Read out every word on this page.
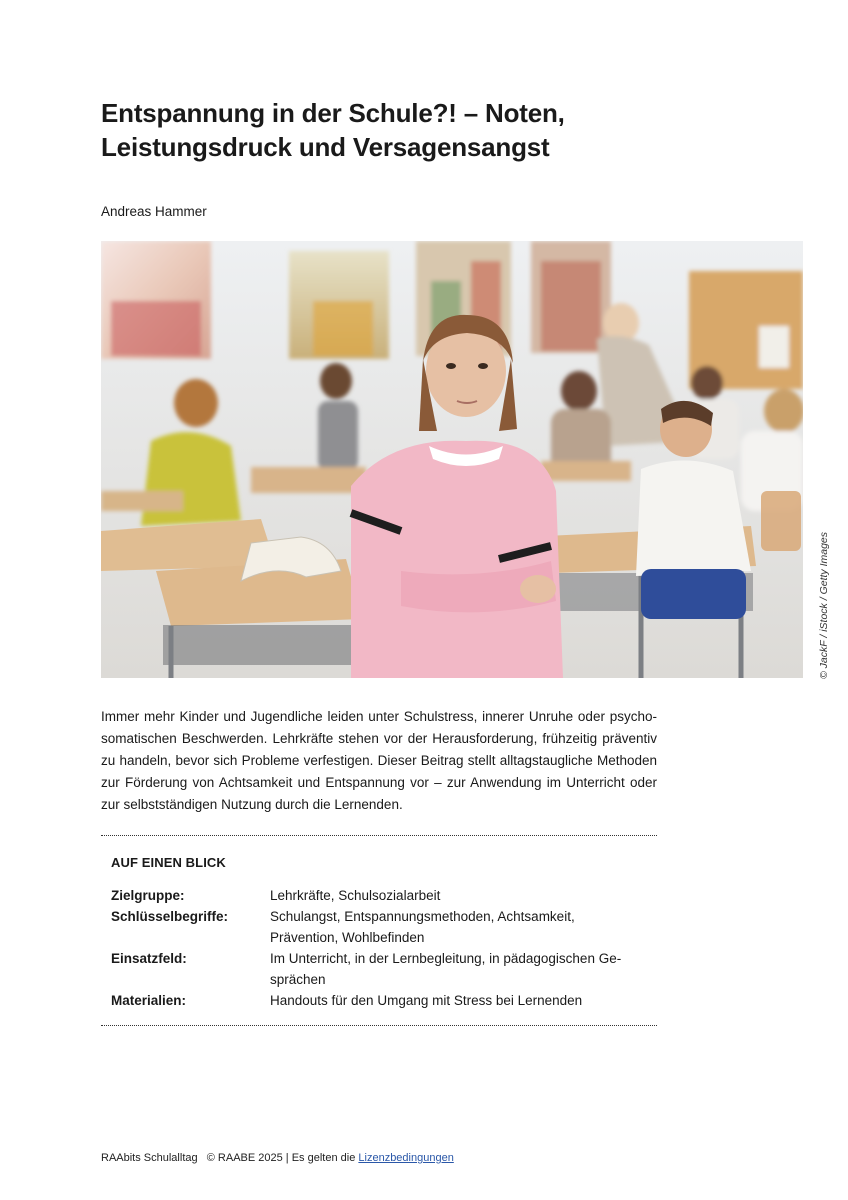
Entspannung in der Schule?! – Noten,
Leistungsdruck und Versagensangst
Andreas Hammer
© JackF / iStock / Getty Images

Immer mehr Kinder und Jugendliche leiden unter Schulstress, innerer Unruhe oder psychosomatischen Beschwerden. Lehrkräfte stehen vor der Herausforderung, frühzeitig präventiv zu handeln, bevor sich Probleme verfestigen. Dieser Beitrag stellt alltagstaugliche Methoden zur Förderung von Achtsamkeit und Entspannung vor – zur Anwendung im Unterricht oder zur selbstständigen Nutzung durch die Lernenden.

AUF EINEN BLICK
Zielgruppe:	Lehrkräfte, Schulsozialarbeit
Schlüsselbegriffe:	Schulangst, Entspannungsmethoden, Achtsamkeit, Prävention, Wohlbefinden
Einsatzfeld:	Im Unterricht, in der Lernbegleitung, in pädagogischen Gesprächen
Materialien:	Handouts für den Umgang mit Stress bei Lernenden
RAAbits Schulalltag   © RAABE 2025 | Es gelten die Lizenzbedingungen
